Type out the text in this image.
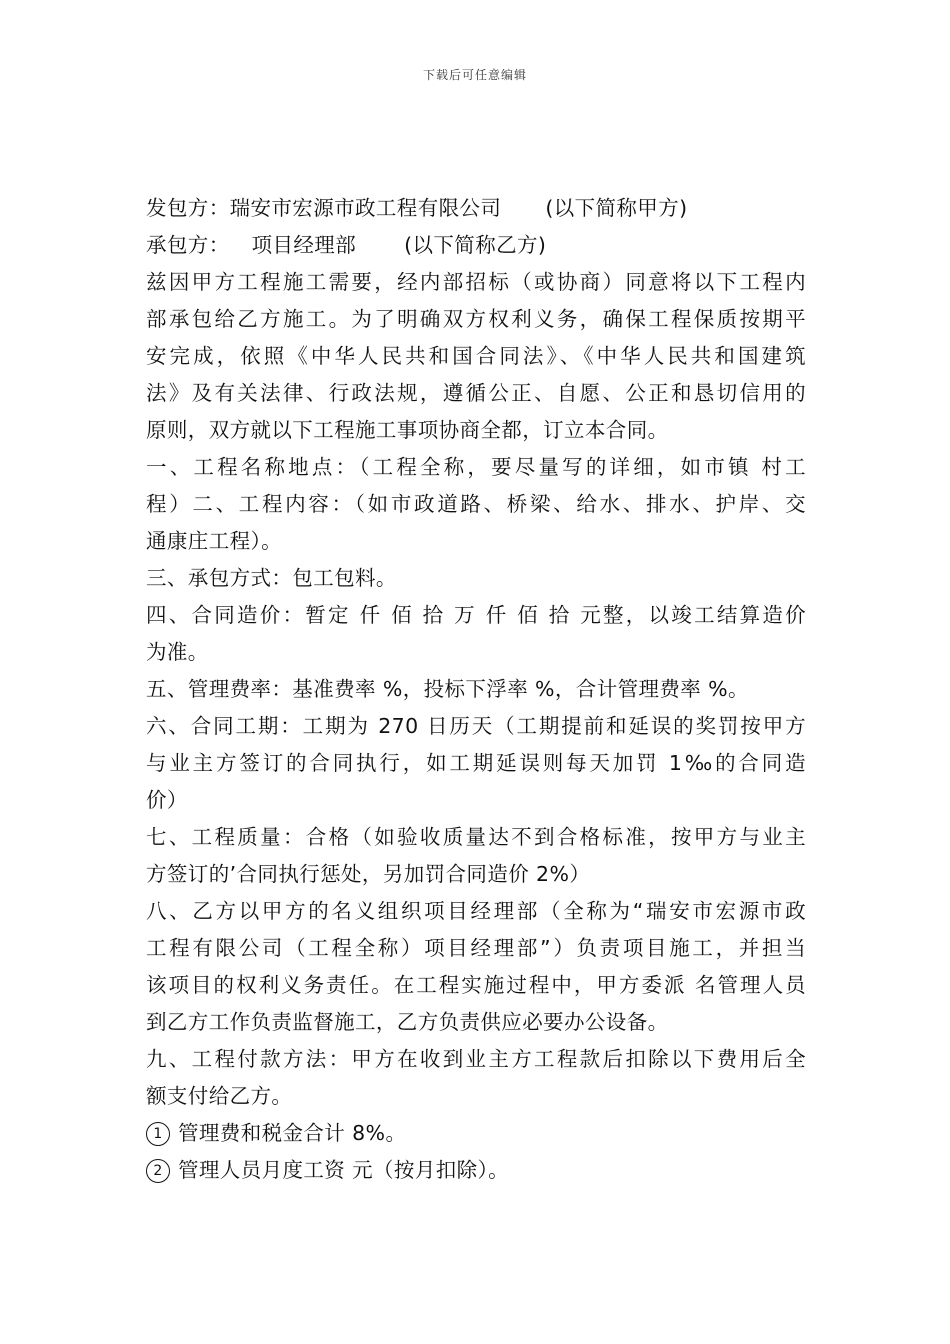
下载后可任意编辑
发包方：瑞安市宏源市政工程有限公司 (以下简称甲方)
承包方： 项目经理部 (以下简称乙方)
兹因甲方工程施工需要，经内部招标（或协商）同意将以下工程内
部承包给乙方施工。为了明确双方权利义务，确保工程保质按期平
安完成，依照《中华人民共和国合同法》、《中华人民共和国建筑
法》及有关法律、行政法规，遵循公正、自愿、公正和恳切信用的
原则，双方就以下工程施工事项协商全都，订立本合同。
一、工程名称地点：（工程全称，要尽量写的详细，如市镇 村工
程）二、工程内容：（如市政道路、桥梁、给水、排水、护岸、交
通康庄工程）。
三、承包方式：包工包料。
四、合同造价：暂定 仟 佰 拾 万 仟 佰 拾 元整，以竣工结算造价
为准。
五、管理费率：基准费率 %，投标下浮率 %，合计管理费率 %。
六、合同工期：工期为 270 日历天（工期提前和延误的奖罚按甲方
与业主方签订的合同执行，如工期延误则每天加罚 1‰的合同造
价）
七、工程质量：合格（如验收质量达不到合格标准，按甲方与业主
方签订的’合同执行惩处，另加罚合同造价 2%）
八、乙方以甲方的名义组织项目经理部（全称为“瑞安市宏源市政
工程有限公司（工程全称）项目经理部”）负责项目施工，并担当
该项目的权利义务责任。在工程实施过程中，甲方委派 名管理人员
到乙方工作负责监督施工，乙方负责供应必要办公设备。
九、工程付款方法：甲方在收到业主方工程款后扣除以下费用后全
额支付给乙方。
1 管理费和税金合计 8%。
2 管理人员月度工资 元（按月扣除）。
